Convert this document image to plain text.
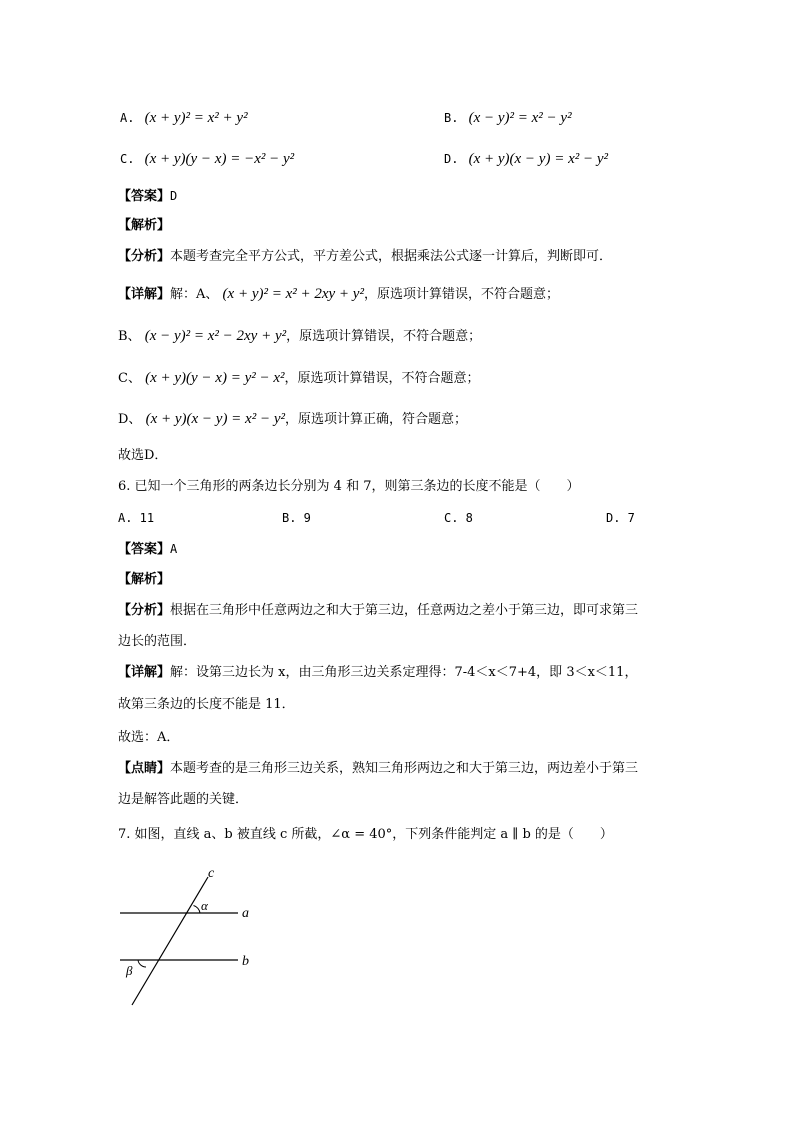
A. (x + y)² = x² + y²	B. (x − y)² = x² − y²
C. (x + y)(y − x) = −x² − y²	D. (x + y)(x − y) = x² − y²
【答案】D
【解析】
【分析】本题考查完全平方公式，平方差公式，根据乘法公式逐一计算后，判断即可．
【详解】解：A、 (x + y)² = x² + 2xy + y²，原选项计算错误，不符合题意；
B、 (x − y)² = x² − 2xy + y²，原选项计算错误，不符合题意；
C、 (x + y)(y − x) = y² − x²，原选项计算错误，不符合题意；
D、 (x + y)(x − y) = x² − y²，原选项计算正确，符合题意；
故选D．
6. 已知一个三角形的两条边长分别为 4 和 7，则第三条边的长度不能是（　　）
A. 11	B. 9	C. 8	D. 7
【答案】A
【解析】
【分析】根据在三角形中任意两边之和大于第三边，任意两边之差小于第三边，即可求第三
边长的范围．
【详解】解：设第三边长为 x，由三角形三边关系定理得：7-4＜x＜7+4，即 3＜x＜11，
故第三条边的长度不能是 11．
故选：A．
【点睛】本题考查的是三角形三边关系，熟知三角形两边之和大于第三边，两边差小于第三
边是解答此题的关键．
7. 如图，直线 a、b 被直线 c 所截，∠α = 40°，下列条件能判定 a ∥ b 的是（　　）
c
α
a
b
β
